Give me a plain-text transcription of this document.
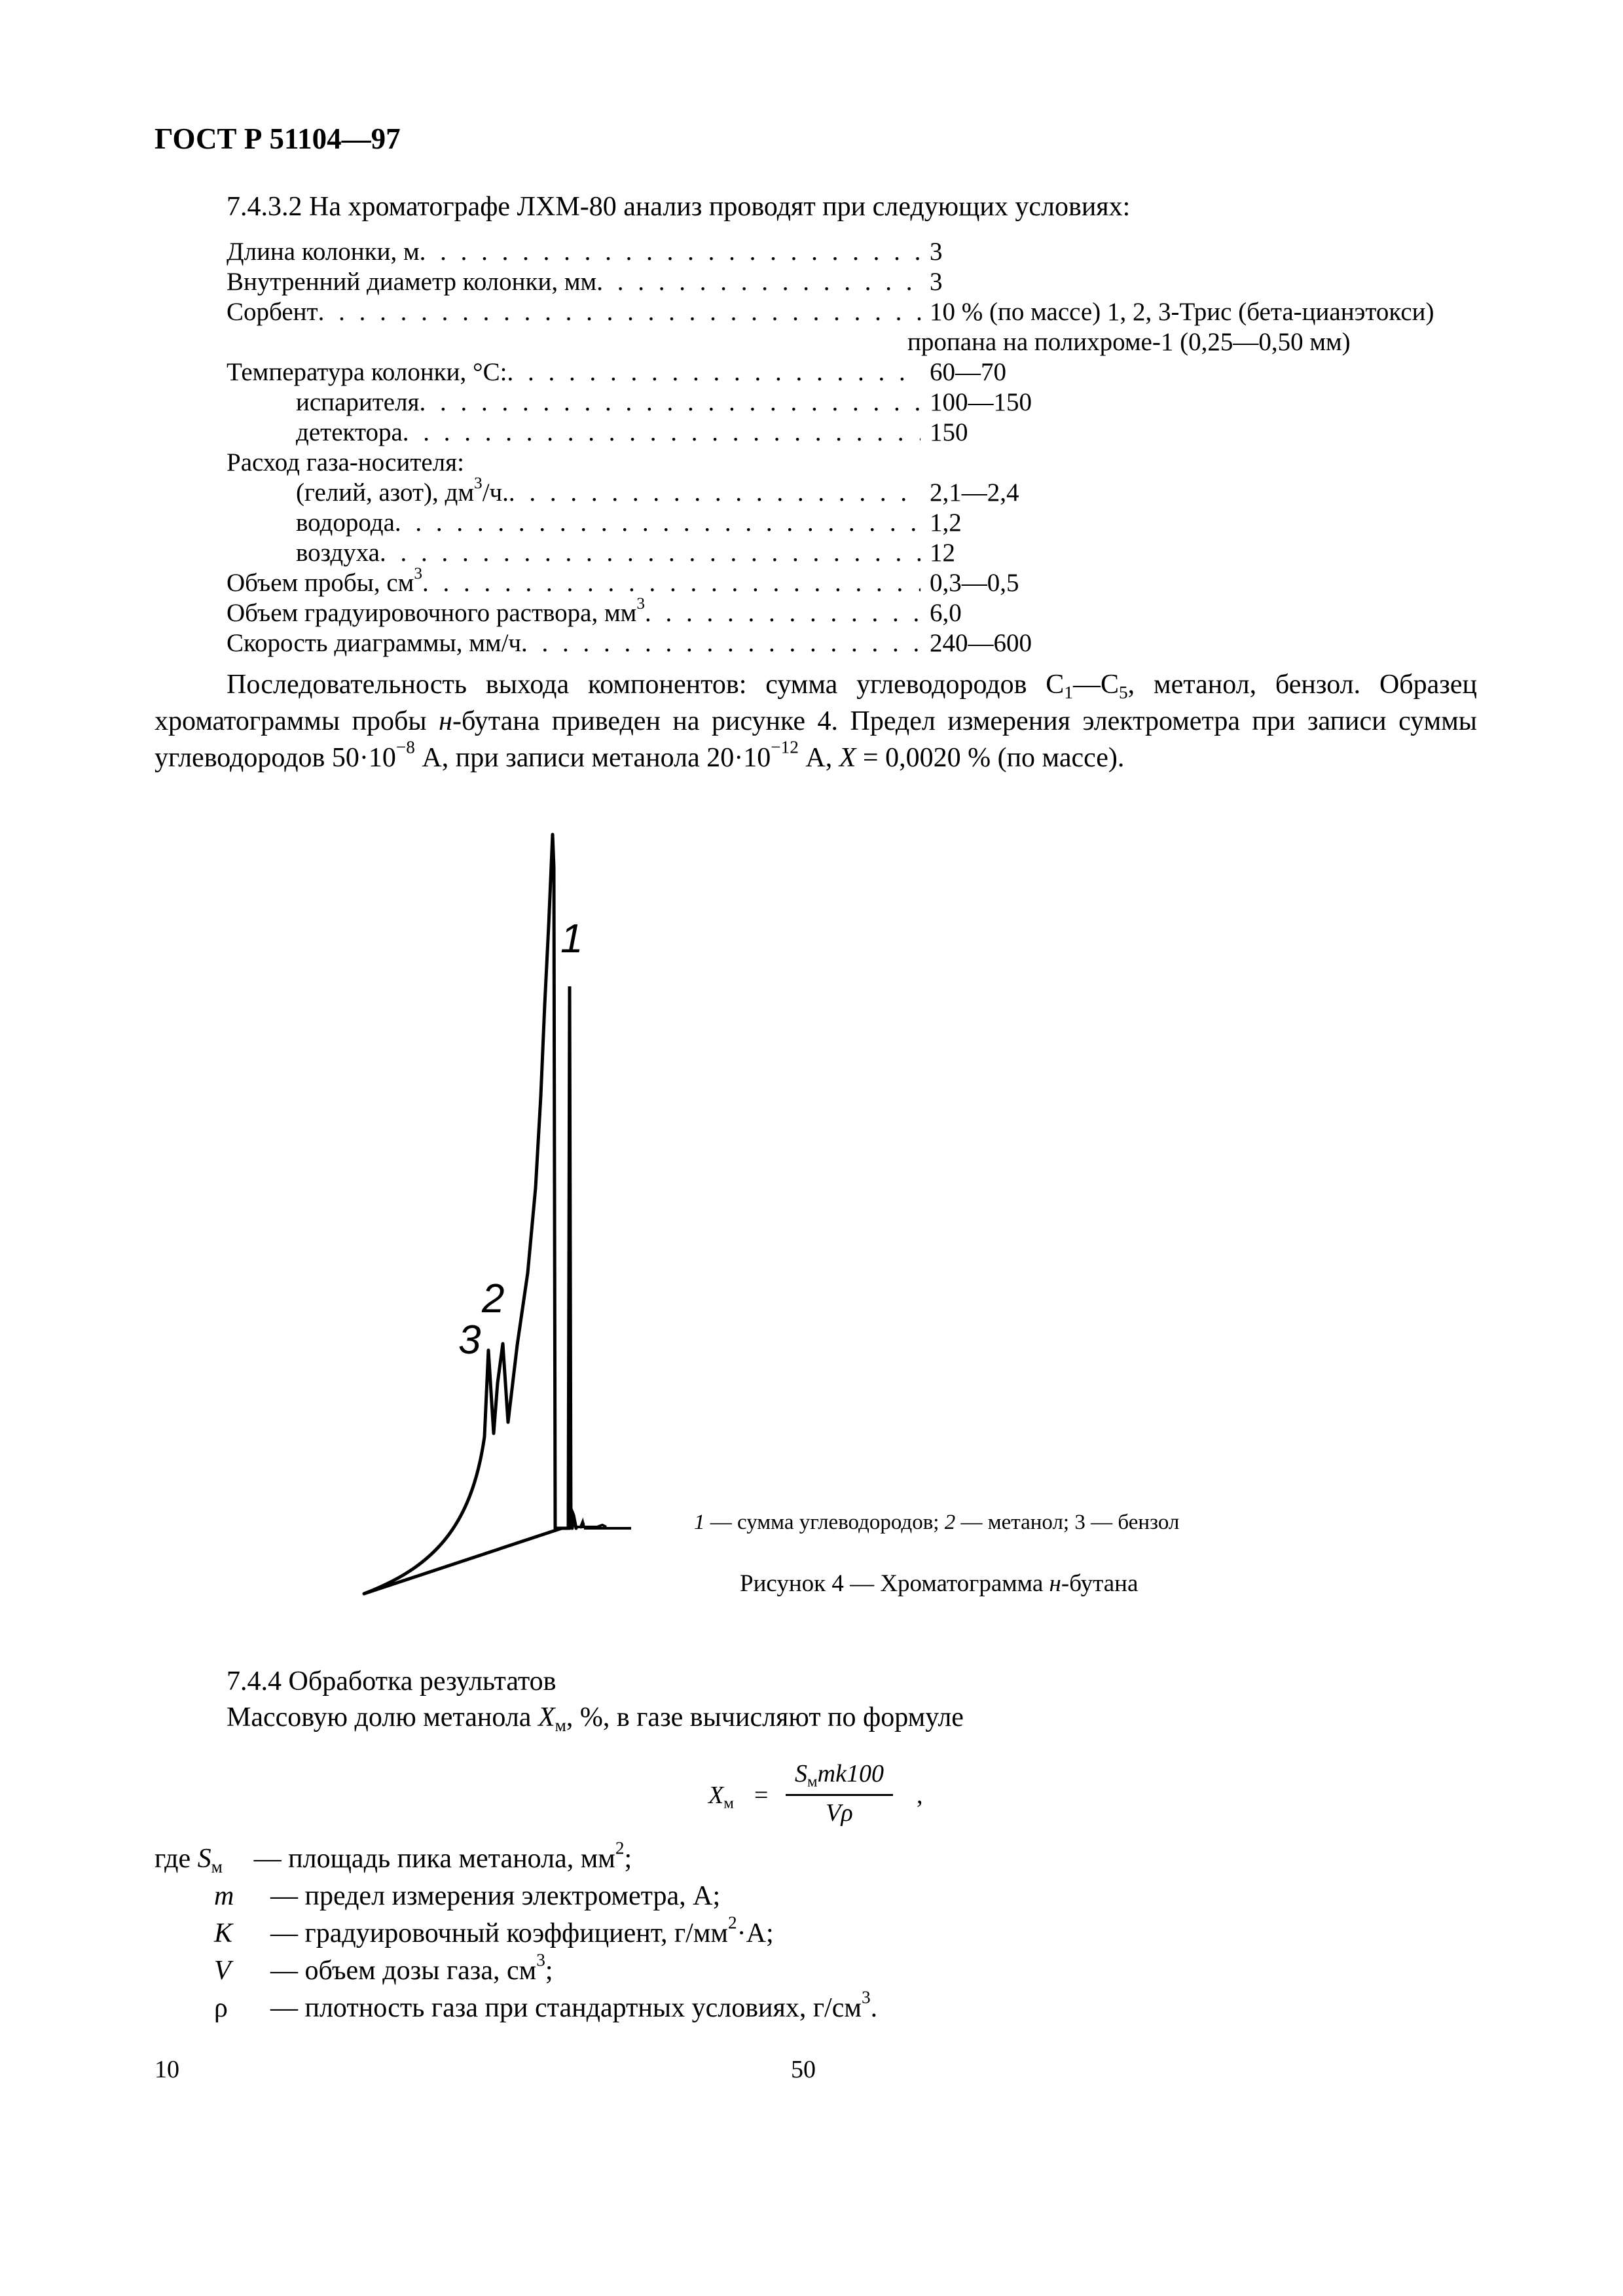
ГОСТ Р 51104—97
7.4.3.2 На хроматографе ЛХМ-80 анализ проводят при следующих условиях:
Длина колонки, м . . .	3
Внутренний диаметр колонки, мм . . .	3
Сорбент . . .	10 % (по массе) 1, 2, 3-Трис (бета-цианэтокси)
пропана на полихроме-1 (0,25—0,50 мм)
Температура колонки, °С: . . .	60—70
испарителя . . .	100—150
детектора . . .	150
Расход газа-носителя:
(гелий, азот), $дм^3/ч$. . . .	2,1—2,4
водорода . . .	1,2
воздуха . . .	12
Объем пробы, $см^3$ . . .	0,3—0,5
Объем градуировочного раствора, $мм^3$ . . .	6,0
Скорость диаграммы, мм/ч . . .	240—600
Последовательность выхода компонентов: сумма углеводородов $С_1—С_5$, метанол, бензол. Образец хроматограммы пробы н-бутана приведен на рисунке 4. Предел измерения электрометра при записи суммы углеводородов $50\cdot 10^{-8}$ А, при записи метанола $20\cdot 10^{-12}$ А, X = 0,0020 % (по массе).
1
2
3
1 — сумма углеводородов; 2 — метанол; 3 — бензол
Рисунок 4 — Хроматограмма н-бутана
7.4.4 Обработка результатов
Массовую долю метанола $X_м$, %, в газе вычисляют по формуле
$X_м$ =
$S_мmk100$
Vρ
,
где $S_м$ — площадь пика метанола, $мм^2$;
m — предел измерения электрометра, А;
K — градуировочный коэффициент, $г/мм^2\cdot А$;
V — объем дозы газа, $см^3$;
ρ — плотность газа при стандартных условиях, $г/см^3$.
10	50
